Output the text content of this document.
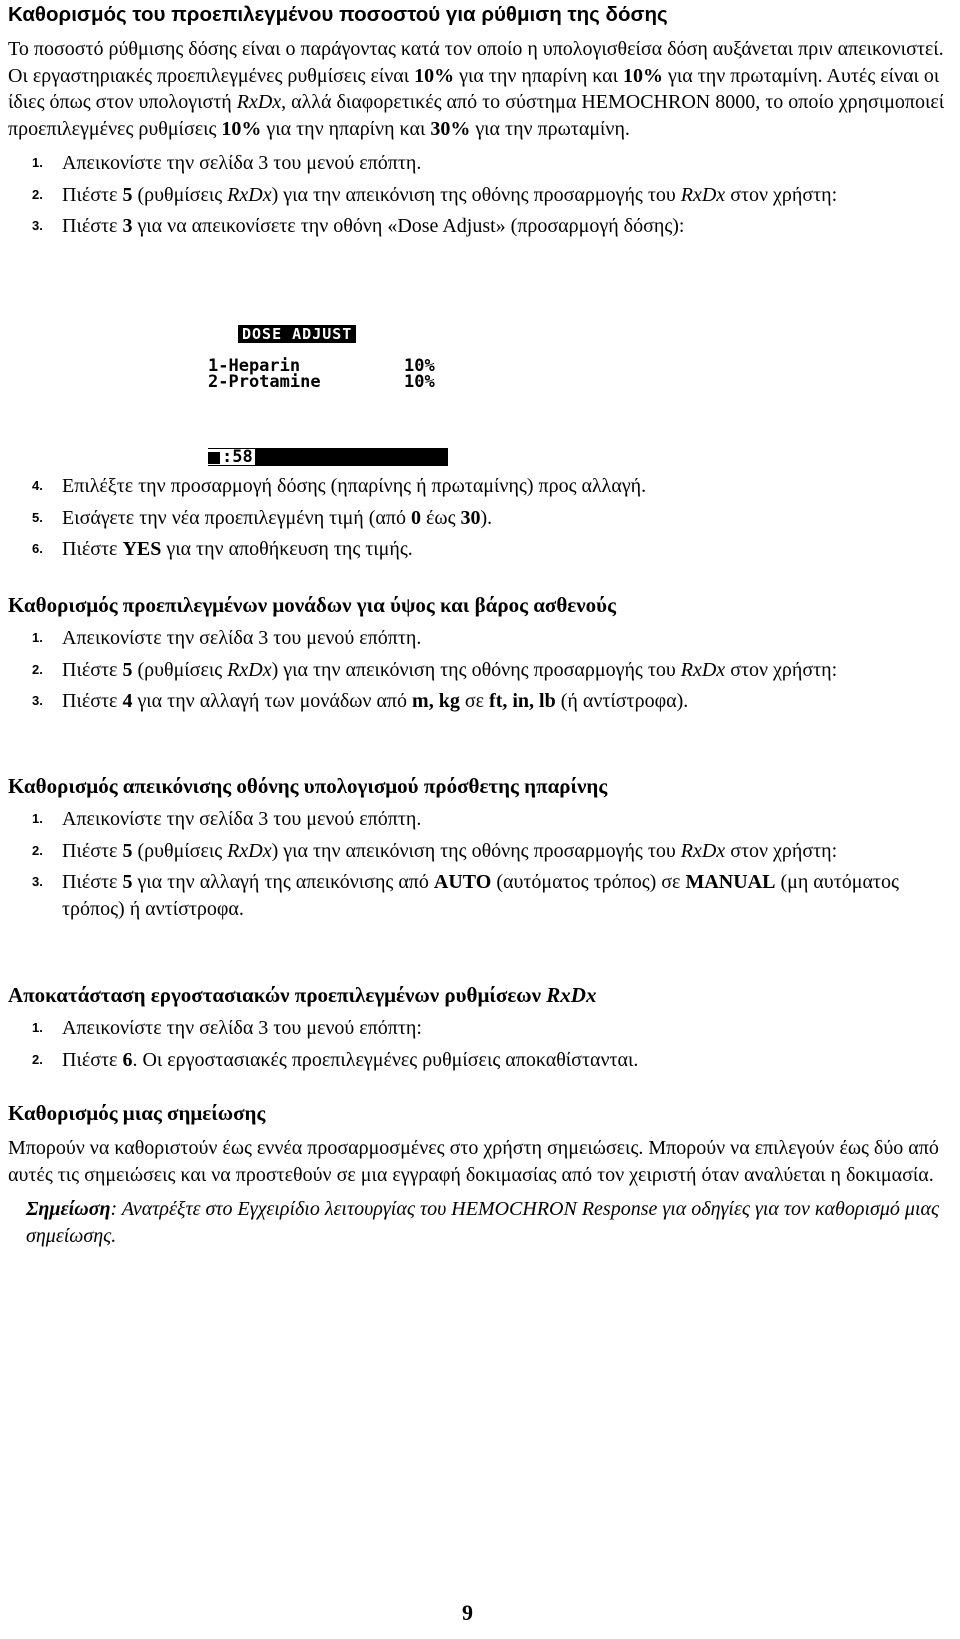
Καθορισμός του προεπιλεγμένου ποσοστού για ρύθμιση της δόσης

Το ποσοστό ρύθμισης δόσης είναι ο παράγοντας κατά τον οποίο η υπολογισθείσα δόση αυξάνεται πριν απεικονιστεί. Οι εργαστηριακές προεπιλεγμένες ρυθμίσεις είναι 10% για την ηπαρίνη και 10% για την πρωταμίνη. Αυτές είναι οι ίδιες όπως στον υπολογιστή RxDx, αλλά διαφορετικές από το σύστημα HEMOCHRON 8000, το οποίο χρησιμοποιεί προεπιλεγμένες ρυθμίσεις 10% για την ηπαρίνη και 30% για την πρωταμίνη.

1. Απεικονίστε την σελίδα 3 του μενού επόπτη.
2. Πιέστε 5 (ρυθμίσεις RxDx) για την απεικόνιση της οθόνης προσαρμογής του RxDx στον χρήστη:
3. Πιέστε 3 για να απεικονίσετε την οθόνη «Dose Adjust» (προσαρμογή δόσης):
DOSE ADJUST
1-Heparin	10%
2-Protamine	10%
:58
4. Επιλέξτε την προσαρμογή δόσης (ηπαρίνης ή πρωταμίνης) προς αλλαγή.
5. Εισάγετε την νέα προεπιλεγμένη τιμή (από 0 έως 30).
6. Πιέστε YES για την αποθήκευση της τιμής.
Καθορισμός προεπιλεγμένων μονάδων για ύψος και βάρος ασθενούς
1. Απεικονίστε την σελίδα 3 του μενού επόπτη.
2. Πιέστε 5 (ρυθμίσεις RxDx) για την απεικόνιση της οθόνης προσαρμογής του RxDx στον χρήστη:
3. Πιέστε 4 για την αλλαγή των μονάδων από m, kg σε ft, in, lb (ή αντίστροφα).
Καθορισμός απεικόνισης οθόνης υπολογισμού πρόσθετης ηπαρίνης
1. Απεικονίστε την σελίδα 3 του μενού επόπτη.
2. Πιέστε 5 (ρυθμίσεις RxDx) για την απεικόνιση της οθόνης προσαρμογής του RxDx στον χρήστη:
3. Πιέστε 5 για την αλλαγή της απεικόνισης από AUTO (αυτόματος τρόπος) σε MANUAL (μη αυτόματος τρόπος) ή αντίστροφα.
Αποκατάσταση εργοστασιακών προεπιλεγμένων ρυθμίσεων RxDx
1. Απεικονίστε την σελίδα 3 του μενού επόπτη:
2. Πιέστε 6. Οι εργοστασιακές προεπιλεγμένες ρυθμίσεις αποκαθίστανται.
Καθορισμός μιας σημείωσης

Μπορούν να καθοριστούν έως εννέα προσαρμοσμένες στο χρήστη σημειώσεις. Μπορούν να επιλεγούν έως δύο από αυτές τις σημειώσεις και να προστεθούν σε μια εγγραφή δοκιμασίας από τον χειριστή όταν αναλύεται η δοκιμασία.

Σημείωση: Ανατρέξτε στο Εγχειρίδιο λειτουργίας του HEMOCHRON Response για οδηγίες για τον καθορισμό μιας σημείωσης.

9
